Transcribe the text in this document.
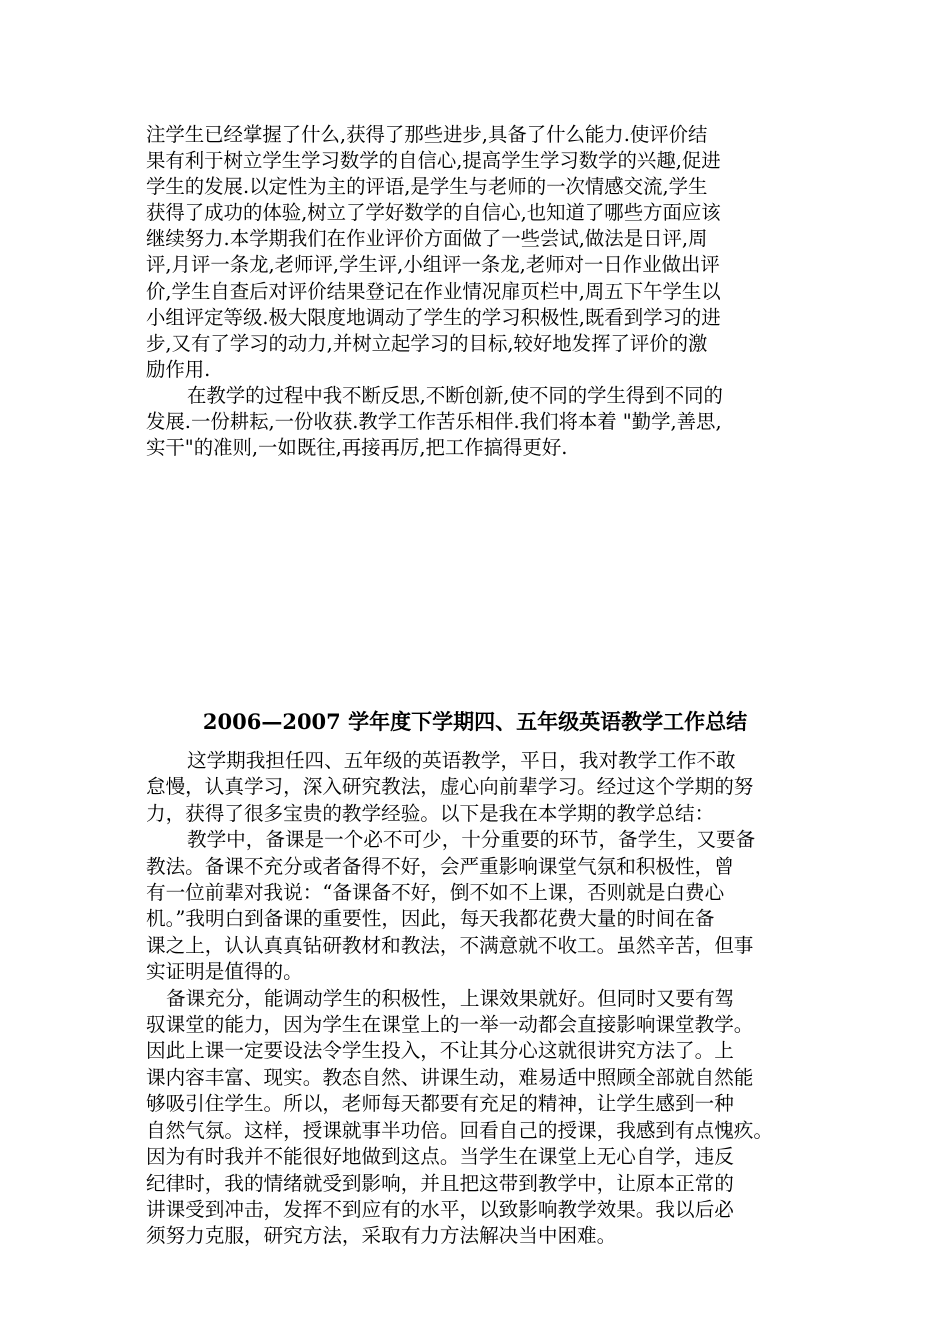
注学生已经掌握了什么,获得了那些进步,具备了什么能力.使评价结
果有利于树立学生学习数学的自信心,提高学生学习数学的兴趣,促进
学生的发展.以定性为主的评语,是学生与老师的一次情感交流,学生
获得了成功的体验,树立了学好数学的自信心,也知道了哪些方面应该
继续努力.本学期我们在作业评价方面做了一些尝试,做法是日评,周
评,月评一条龙,老师评,学生评,小组评一条龙,老师对一日作业做出评
价,学生自查后对评价结果登记在作业情况扉页栏中,周五下午学生以
小组评定等级.极大限度地调动了学生的学习积极性,既看到学习的进
步,又有了学习的动力,并树立起学习的目标,较好地发挥了评价的激
励作用.
在教学的过程中我不断反思,不断创新,使不同的学生得到不同的
发展.一份耕耘,一份收获.教学工作苦乐相伴.我们将本着 "勤学,善思,
实干"的准则,一如既往,再接再厉,把工作搞得更好.
2006—2007 学年度下学期四、五年级英语教学工作总结
这学期我担任四、五年级的英语教学，平日，我对教学工作不敢
怠慢，认真学习，深入研究教法，虚心向前辈学习。经过这个学期的努
力，获得了很多宝贵的教学经验。以下是我在本学期的教学总结：
教学中，备课是一个必不可少，十分重要的环节，备学生，又要备
教法。备课不充分或者备得不好，会严重影响课堂气氛和积极性，曾
有一位前辈对我说：“备课备不好，倒不如不上课，否则就是白费心
机。”我明白到备课的重要性，因此，每天我都花费大量的时间在备
课之上，认认真真钻研教材和教法，不满意就不收工。虽然辛苦，但事
实证明是值得的。
备课充分，能调动学生的积极性，上课效果就好。但同时又要有驾
驭课堂的能力，因为学生在课堂上的一举一动都会直接影响课堂教学。
因此上课一定要设法令学生投入，不让其分心这就很讲究方法了。上
课内容丰富、现实。教态自然、讲课生动，难易适中照顾全部就自然能
够吸引住学生。所以，老师每天都要有充足的精神，让学生感到一种
自然气氛。这样，授课就事半功倍。回看自己的授课，我感到有点愧疚。
因为有时我并不能很好地做到这点。当学生在课堂上无心自学，违反
纪律时，我的情绪就受到影响，并且把这带到教学中，让原本正常的
讲课受到冲击，发挥不到应有的水平，以致影响教学效果。我以后必
须努力克服，研究方法，采取有力方法解决当中困难。
